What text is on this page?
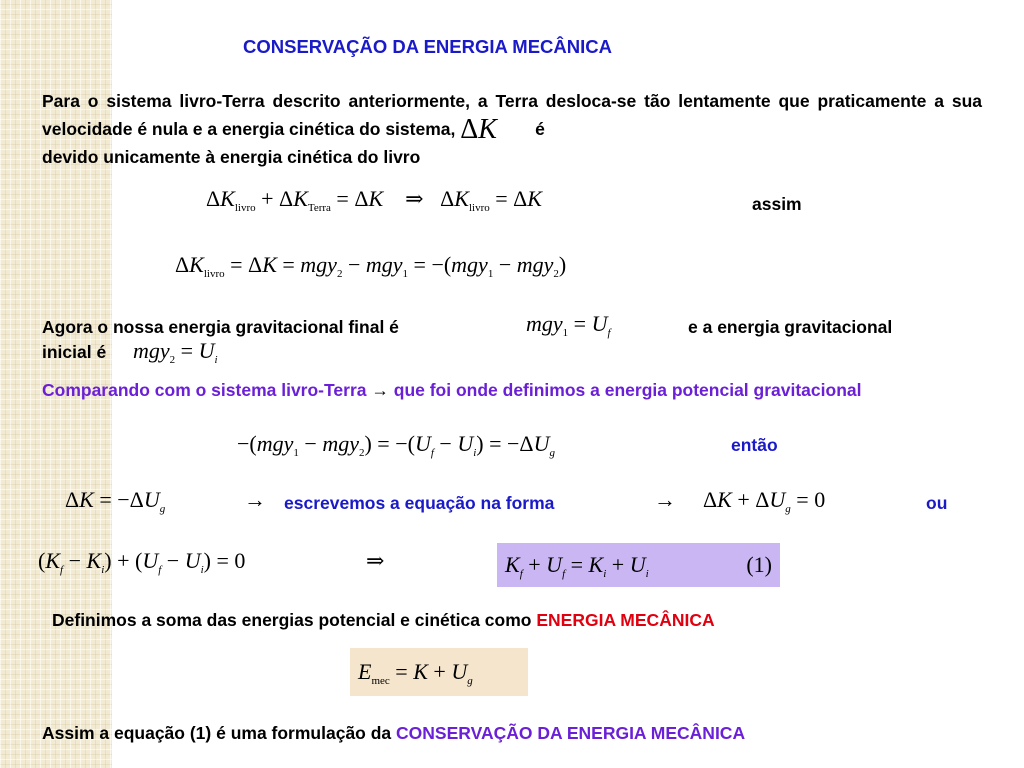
CONSERVAÇÃO DA ENERGIA MECÂNICA
Para o sistema livro-Terra descrito anteriormente, a Terra desloca-se tão lentamente que praticamente a sua velocidade é nula e a energia cinética do sistema, ΔK é
devido unicamente à energia cinética do livro
$\Delta K_{livro} + \Delta K_{Terra} = \Delta K$    ⇒   $\Delta K_{livro} = \Delta K$	assim
$\Delta K_{livro} = \Delta K = mgy_2 - mgy_1 = -(mgy_1 - mgy_2)$
Agora o nossa energia gravitacional final é	$mgy_1 = U_f$	e a energia gravitacional
inicial é $mgy_2 = U_i$
Comparando com o sistema livro-Terra → que foi onde definimos a energia potencial gravitacional
$-(mgy_1 - mgy_2) = -(U_f - U_i) = -\Delta U_g$	então
$\Delta K = -\Delta U_g$	→ escrevemos a equação na forma	→ $\Delta K + \Delta U_g = 0$	ou
$(K_f - K_i) + (U_f - U_i) = 0$	⇒	$K_f + U_f = K_i + U_i$	(1)
Definimos a soma das energias potencial e cinética como ENERGIA MECÂNICA
$E_{mec} = K + U_g$
Assim a equação (1) é uma formulação da CONSERVAÇÃO DA ENERGIA MECÂNICA
